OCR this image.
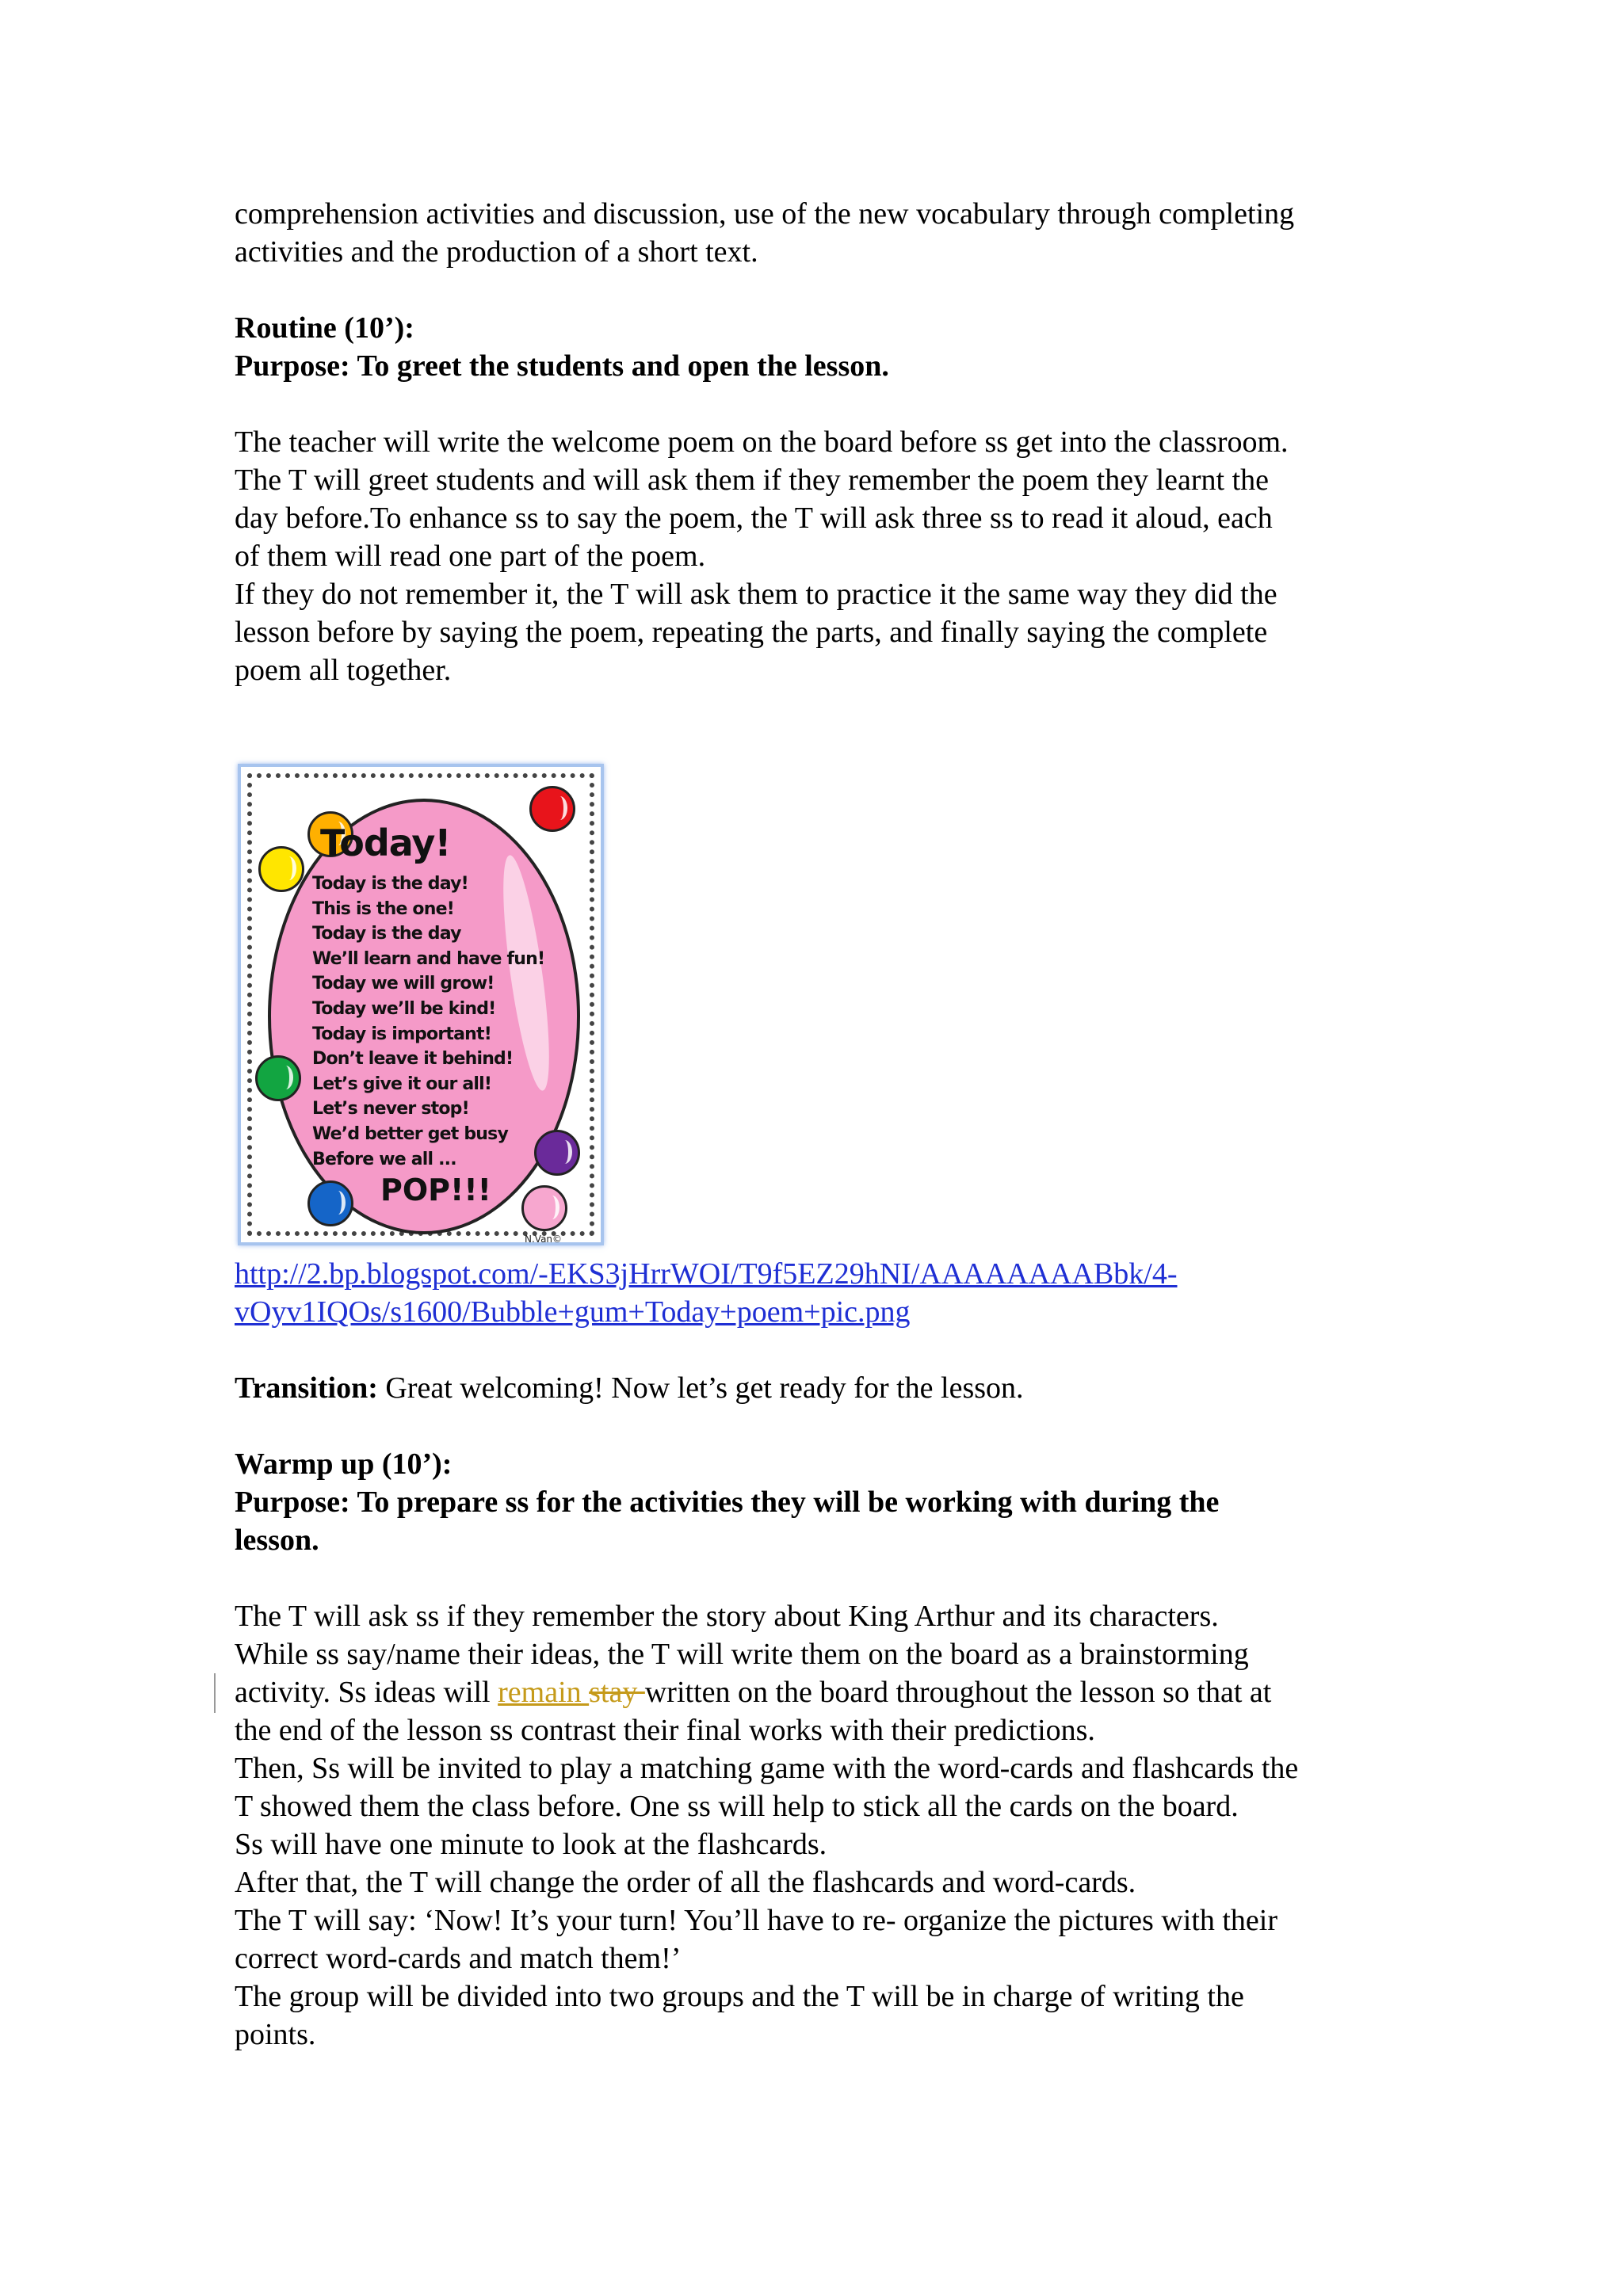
comprehension activities and discussion, use of the new vocabulary through completing

activities and the production of a short text.

Routine (10’):

Purpose: To greet the students and open the lesson.

The teacher will write the welcome poem on the board before ss get into the classroom.

The T will greet students and will ask them if they remember the poem they learnt the

day before.To enhance ss to say the poem, the T will ask three ss to read it aloud, each

of them will read one part of the poem.

If they do not remember it, the T will ask them to practice it the same way they did the

lesson before by saying the poem, repeating the parts, and finally saying the complete

poem all together.

Today!
Today is the day!
This is the one!
Today is the day
We’ll learn and have fun!
Today we will grow!
Today we’ll be kind!
Today is important!
Don’t leave it behind!
Let’s give it our all!
Let’s never stop!
We’d better get busy
Before we all ...
POP!!!
N.Van©

http://2.bp.blogspot.com/-EKS3jHrrWOI/T9f5EZ29hNI/AAAAAAAABbk/4-

vOyv1IQOs/s1600/Bubble+gum+Today+poem+pic.png

Transition: Great welcoming! Now let’s get ready for the lesson.

Warmp up (10’):

Purpose: To prepare ss for the activities they will be working with during the

lesson.

The T will ask ss if they remember the story about King Arthur and its characters.

While ss say/name their ideas, the T will write them on the board as a brainstorming

activity. Ss ideas will remain stay written on the board throughout the lesson so that at

the end of the lesson ss contrast their final works with their predictions.

Then, Ss will be invited to play a matching game with the word-cards and flashcards the

T showed them the class before. One ss will help to stick all the cards on the board.

Ss will have one minute to look at the flashcards.

After that, the T will change the order of all the flashcards and word-cards.

The T will say: ‘Now! It’s your turn! You’ll have to re- organize the pictures with their

correct word-cards and match them!’

The group will be divided into two groups and the T will be in charge of writing the

points.
